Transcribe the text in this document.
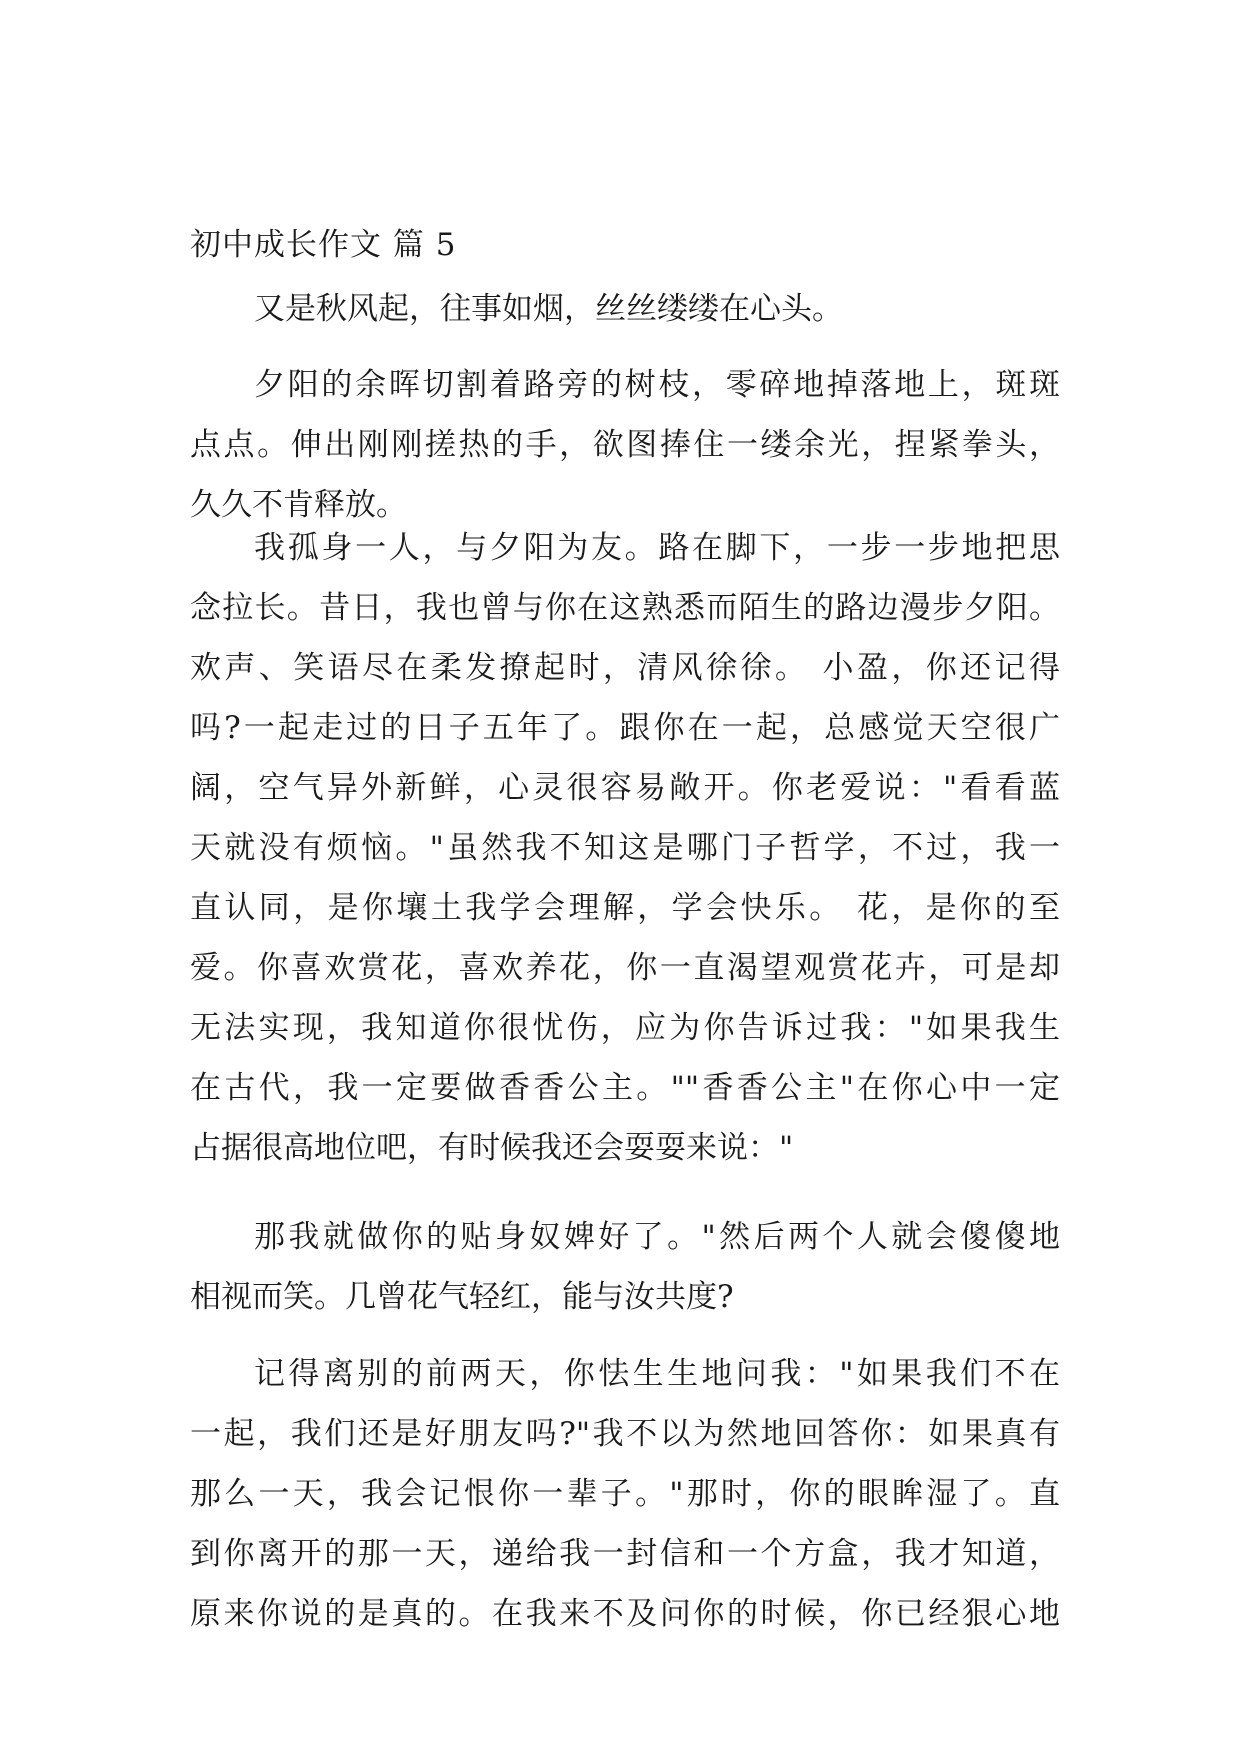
初中成长作文 篇 5
又是秋风起，往事如烟，丝丝缕缕在心头。
夕阳的余晖切割着路旁的树枝，零碎地掉落地上，斑斑
点点。伸出刚刚搓热的手，欲图捧住一缕余光，捏紧拳头，
久久不肯释放。
我孤身一人，与夕阳为友。路在脚下，一步一步地把思
念拉长。昔日，我也曾与你在这熟悉而陌生的路边漫步夕阳。
欢声、笑语尽在柔发撩起时，清风徐徐。 小盈，你还记得
吗?一起走过的日子五年了。跟你在一起，总感觉天空很广
阔，空气异外新鲜，心灵很容易敞开。你老爱说："看看蓝
天就没有烦恼。"虽然我不知这是哪门子哲学，不过，我一
直认同，是你壤土我学会理解，学会快乐。 花，是你的至
爱。你喜欢赏花，喜欢养花，你一直渴望观赏花卉，可是却
无法实现，我知道你很忧伤，应为你告诉过我："如果我生
在古代，我一定要做香香公主。""香香公主"在你心中一定
占据很高地位吧，有时候我还会耍耍来说："
那我就做你的贴身奴婢好了。"然后两个人就会傻傻地
相视而笑。几曾花气轻红，能与汝共度?
记得离别的前两天，你怯生生地问我："如果我们不在
一起，我们还是好朋友吗?"我不以为然地回答你：如果真有
那么一天，我会记恨你一辈子。"那时，你的眼眸湿了。直
到你离开的那一天，递给我一封信和一个方盒，我才知道，
原来你说的是真的。在我来不及问你的时候，你已经狠心地
